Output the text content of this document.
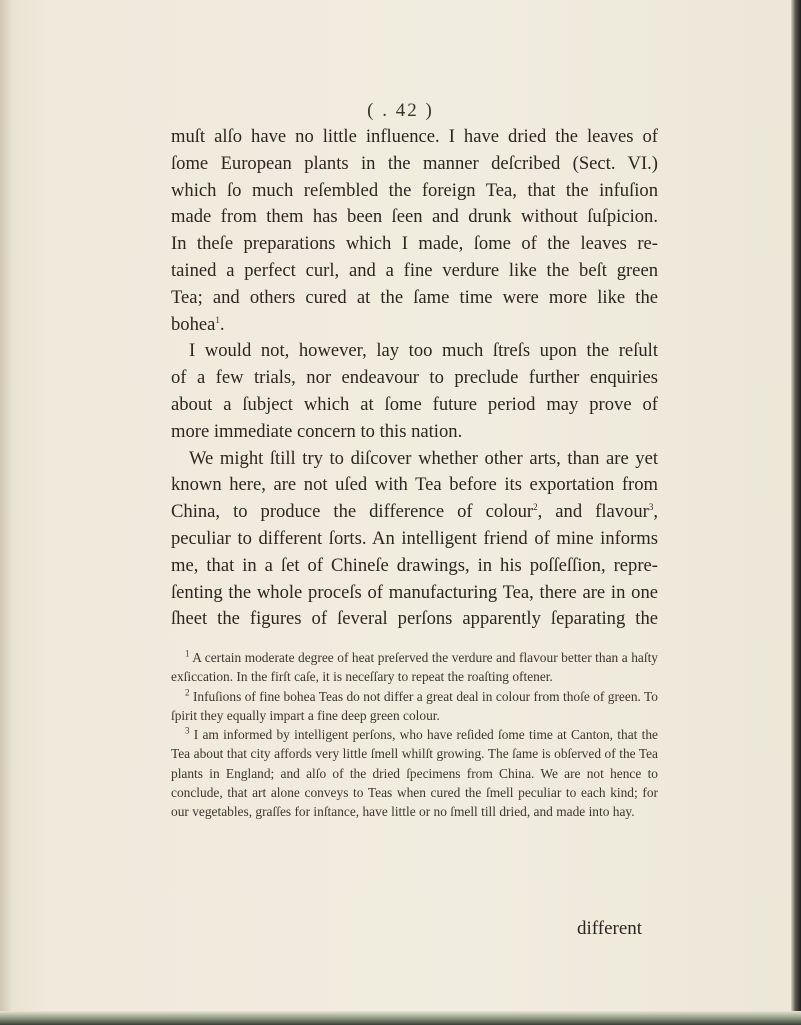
( . 42 )

muſt alſo have no little influence. I have dried the leaves of

ſome European plants in the manner deſcribed (Sect. VI.)

which ſo much reſembled the foreign Tea, that the infuſion

made from them has been ſeen and drunk without ſuſpicion.

In theſe preparations which I made, ſome of the leaves re-

tained a perfect curl, and a fine verdure like the beſt green

Tea; and others cured at the ſame time were more like the

bohea$^1$.

I would not, however, lay too much ſtreſs upon the reſult

of a few trials, nor endeavour to preclude further enquiries

about a ſubject which at ſome future period may prove of

more immediate concern to this nation.

We might ſtill try to diſcover whether other arts, than are yet

known here, are not uſed with Tea before its exportation from

China, to produce the difference of colour$^2$, and flavour$^3$,

peculiar to different ſorts. An intelligent friend of mine informs

me, that in a ſet of Chineſe drawings, in his poſſeſſion, repre-

ſenting the whole proceſs of manufacturing Tea, there are in one

ſheet the figures of ſeveral perſons apparently ſeparating the

$^1$ A certain moderate degree of heat preſerved the verdure and flavour better than a haſty exſiccation. In the firſt caſe, it is neceſſary to repeat the roaſting oftener.

$^2$ Infuſions of fine bohea Teas do not differ a great deal in colour from thoſe of green. To ſpirit they equally impart a fine deep green colour.

$^3$ I am informed by intelligent perſons, who have reſided ſome time at Canton, that the Tea about that city affords very little ſmell whilſt growing. The ſame is obſerved of the Tea plants in England; and alſo of the dried ſpecimens from China. We are not hence to conclude, that art alone conveys to Teas when cured the ſmell peculiar to each kind; for our vegetables, graſſes for inſtance, have little or no ſmell till dried, and made into hay.

different
